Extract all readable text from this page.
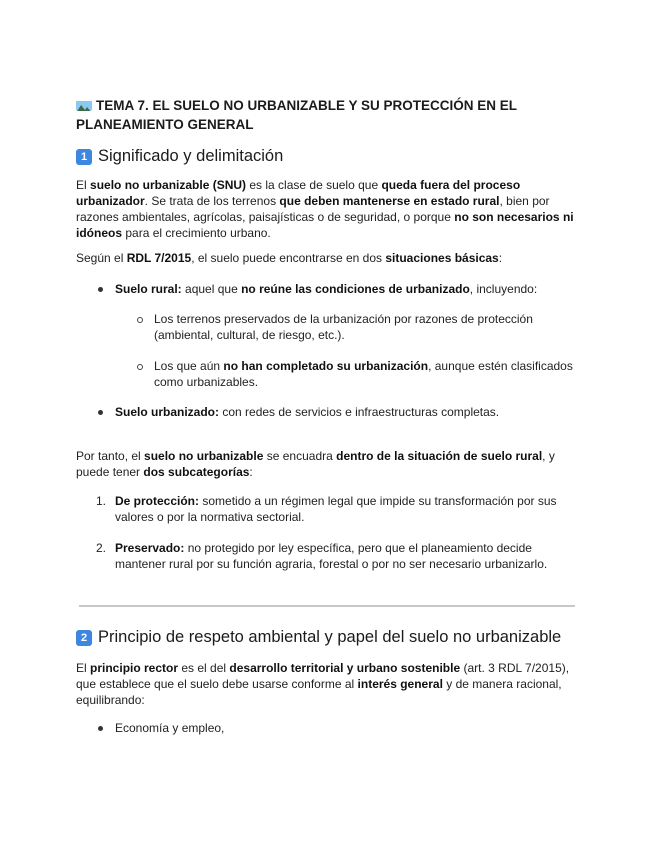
TEMA 7. EL SUELO NO URBANIZABLE Y SU PROTECCIÓN EN EL
PLANEAMIENTO GENERAL
1 Significado y delimitación

El suelo no urbanizable (SNU) es la clase de suelo que queda fuera del proceso urbanizador. Se trata de los terrenos que deben mantenerse en estado rural, bien por razones ambientales, agrícolas, paisajísticas o de seguridad, o porque no son necesarios ni idóneos para el crecimiento urbano.

Según el RDL 7/2015, el suelo puede encontrarse en dos situaciones básicas:

Suelo rural: aquel que no reúne las condiciones de urbanizado, incluyendo:

Los terrenos preservados de la urbanización por razones de protección (ambiental, cultural, de riesgo, etc.).

Los que aún no han completado su urbanización, aunque estén clasificados como urbanizables.

Suelo urbanizado: con redes de servicios e infraestructuras completas.

Por tanto, el suelo no urbanizable se encuadra dentro de la situación de suelo rural, y puede tener dos subcategorías:

1. De protección: sometido a un régimen legal que impide su transformación por sus valores o por la normativa sectorial.

2. Preservado: no protegido por ley específica, pero que el planeamiento decide mantener rural por su función agraria, forestal o por no ser necesario urbanizarlo.

2 Principio de respeto ambiental y papel del suelo no urbanizable

El principio rector es el del desarrollo territorial y urbano sostenible (art. 3 RDL 7/2015), que establece que el suelo debe usarse conforme al interés general y de manera racional, equilibrando:

Economía y empleo,
